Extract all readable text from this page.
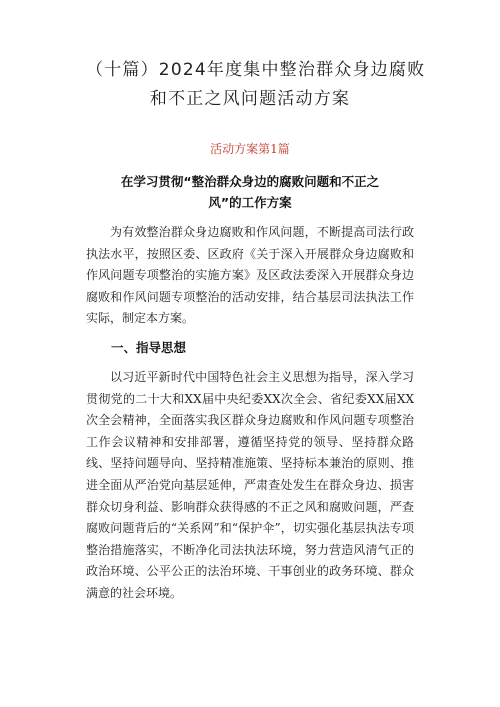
（十篇）2024年度集中整治群众身边腐败
和不正之风问题活动方案

活动方案第1篇

在学习贯彻“整治群众身边的腐败问题和不正之
风”的工作方案

为有效整治群众身边腐败和作风问题，不断提高司法行政执法水平，按照区委、区政府《关于深入开展群众身边腐败和作风问题专项整治的实施方案》及区政法委深入开展群众身边腐败和作风问题专项整治的活动安排，结合基层司法执法工作实际，制定本方案。

一、指导思想

以习近平新时代中国特色社会主义思想为指导，深入学习贯彻党的二十大和XX届中央纪委XX次全会、省纪委XX届XX次全会精神，全面落实我区群众身边腐败和作风问题专项整治工作会议精神和安排部署，遵循坚持党的领导、坚持群众路线、坚持问题导向、坚持精准施策、坚持标本兼治的原则、推进全面从严治党向基层延伸，严肃查处发生在群众身边、损害群众切身利益、影响群众获得感的不正之风和腐败问题，严查腐败问题背后的“关系网”和“保护伞”，切实强化基层执法专项整治措施落实，不断净化司法执法环境，努力营造风清气正的政治环境、公平公正的法治环境、干事创业的政务环境、群众满意的社会环境。
